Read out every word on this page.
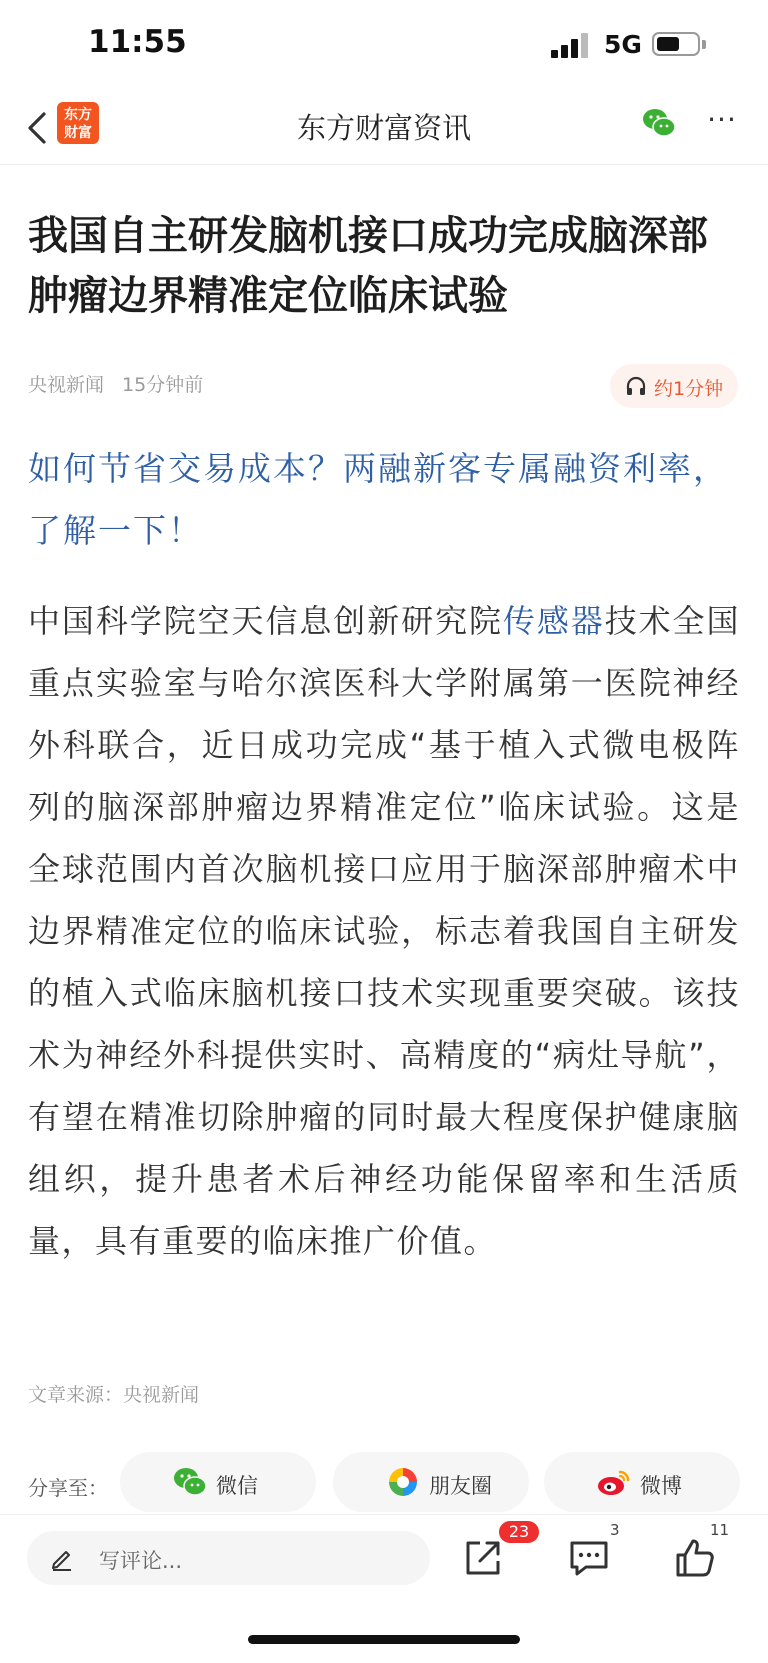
11:55	5G
东方
财富	东方财富资讯	···
我国自主研发脑机接口成功完成脑深部肿瘤边界精准定位临床试验
央视新闻 15分钟前	约1分钟

如何节省交易成本？两融新客专属融资利率，了解一下！

中国科学院空天信息创新研究院传感器技术全国重点实验室与哈尔滨医科大学附属第一医院神经外科联合，近日成功完成“基于植入式微电极阵列的脑深部肿瘤边界精准定位”临床试验。这是全球范围内首次脑机接口应用于脑深部肿瘤术中边界精准定位的临床试验，标志着我国自主研发的植入式临床脑机接口技术实现重要突破。该技术为神经外科提供实时、高精度的“病灶导航”，有望在精准切除肿瘤的同时最大程度保护健康脑组织，提升患者术后神经功能保留率和生活质量，具有重要的临床推广价值。

文章来源：央视新闻
分享至：	微信	朋友圈	微博
写评论...
23	3	11
